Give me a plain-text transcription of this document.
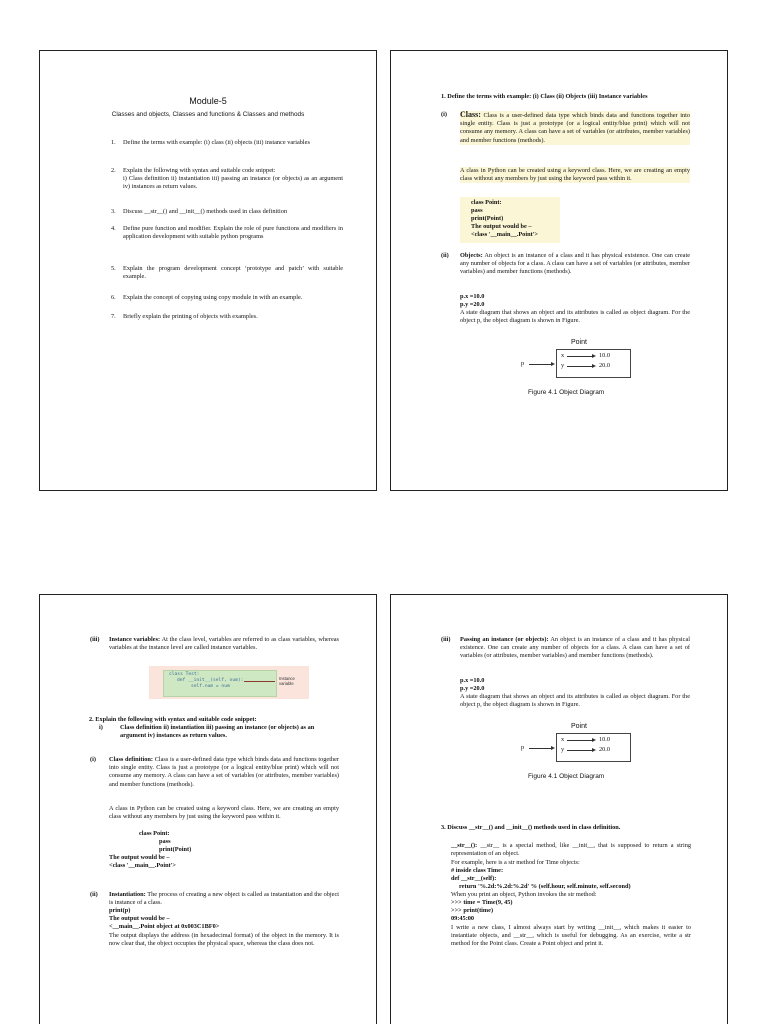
Module-5
Classes and objects, Classes and functions & Classes and methods
1. Define the terms with example: (i) class (ii) objects (iii) instance variables
2. Explain the following with syntax and suitable code snippet:
i) Class definition ii) instantiation iii) passing an instance (or objects) as an argument iv) instances as return values.
3. Discuss __str__() and __init__() methods used in class definition
4. Define pure function and modifier. Explain the role of pure functions and modifiers in application development with suitable python programs
5. Explain the program development concept ‘prototype and patch’ with suitable example.
6. Explain the concept of copying using copy module in with an example.
7. Briefly explain the printing of objects with examples.
1. Define the terms with example: (i) Class (ii) Objects (iii) Instance variables
(i) Class: Class is a user-defined data type which binds data and functions together into single entity. Class is just a prototype (or a logical entity/blue print) which will not consume any memory. A class can have a set of variables (or attributes, member variables) and member functions (methods).
A class in Python can be created using a keyword class. Here, we are creating an empty class without any members by just using the keyword pass within it.
class Point:
pass
print(Point)
The output would be –
<class '__main__.Point'>
(ii) Objects: An object is an instance of a class and it has physical existence. One can create any number of objects for a class. A class can have a set of variables (or attributes, member variables) and member functions (methods).
p.x =10.0
p.y =20.0
A state diagram that shows an object and its attributes is called as object diagram. For the object p, the object diagram is shown in Figure.
Point
p
x	10.0
y	20.0
Figure 4.1 Object Diagram
(iii) Instance variables: At the class level, variables are referred to as class variables, whereas variables at the instance level are called instance variables.
class Test:
def __init__(self, num):
self.num = num
Instance variable
2. Explain the following with syntax and suitable code snippet:
i)	Class definition ii) instantiation iii) passing an instance (or objects) as an argument iv) instances as return values.
(i) Class definition: Class is a user-defined data type which binds data and functions together into single entity. Class is just a prototype (or a logical entity/blue print) which will not consume any memory. A class can have a set of variables (or attributes, member variables) and member functions (methods).
A class in Python can be created using a keyword class. Here, we are creating an empty class without any members by just using the keyword pass within it.
class Point:
pass
print(Point)
The output would be –
<class '__main__.Point'>
(ii) Instantiation: The process of creating a new object is called as instantiation and the object is instance of a class.
print(p)
The output would be –
<__main__.Point object at 0x003C1BF0>
The output displays the address (in hexadecimal format) of the object in the memory. It is now clear that, the object occupies the physical space, whereas the class does not.
(iii) Passing an instance (or objects): An object is an instance of a class and it has physical existence. One can create any number of objects for a class. A class can have a set of variables (or attributes, member variables) and member functions (methods).
p.x =10.0
p.y =20.0
A state diagram that shows an object and its attributes is called as object diagram. For the object p, the object diagram is shown in Figure.
Point
p
x	10.0
y	20.0
Figure 4.1 Object Diagram
3. Discuss __str__() and __init__() methods used in class definition.
__str__(): __str__ is a special method, like __init__, that is supposed to return a string representation of an object.
For example, here is a str method for Time objects:
# inside class Time:
def __str__(self):
return '%.2d:%.2d:%.2d' % (self.hour, self.minute, self.second)
When you print an object, Python invokes the str method:
>>> time = Time(9, 45)
>>> print(time)
09:45:00
I write a new class, I almost always start by writing __init__, which makes it easier to instantiate objects, and __str__, which is useful for debugging. As an exercise, write a str method for the Point class. Create a Point object and print it.
